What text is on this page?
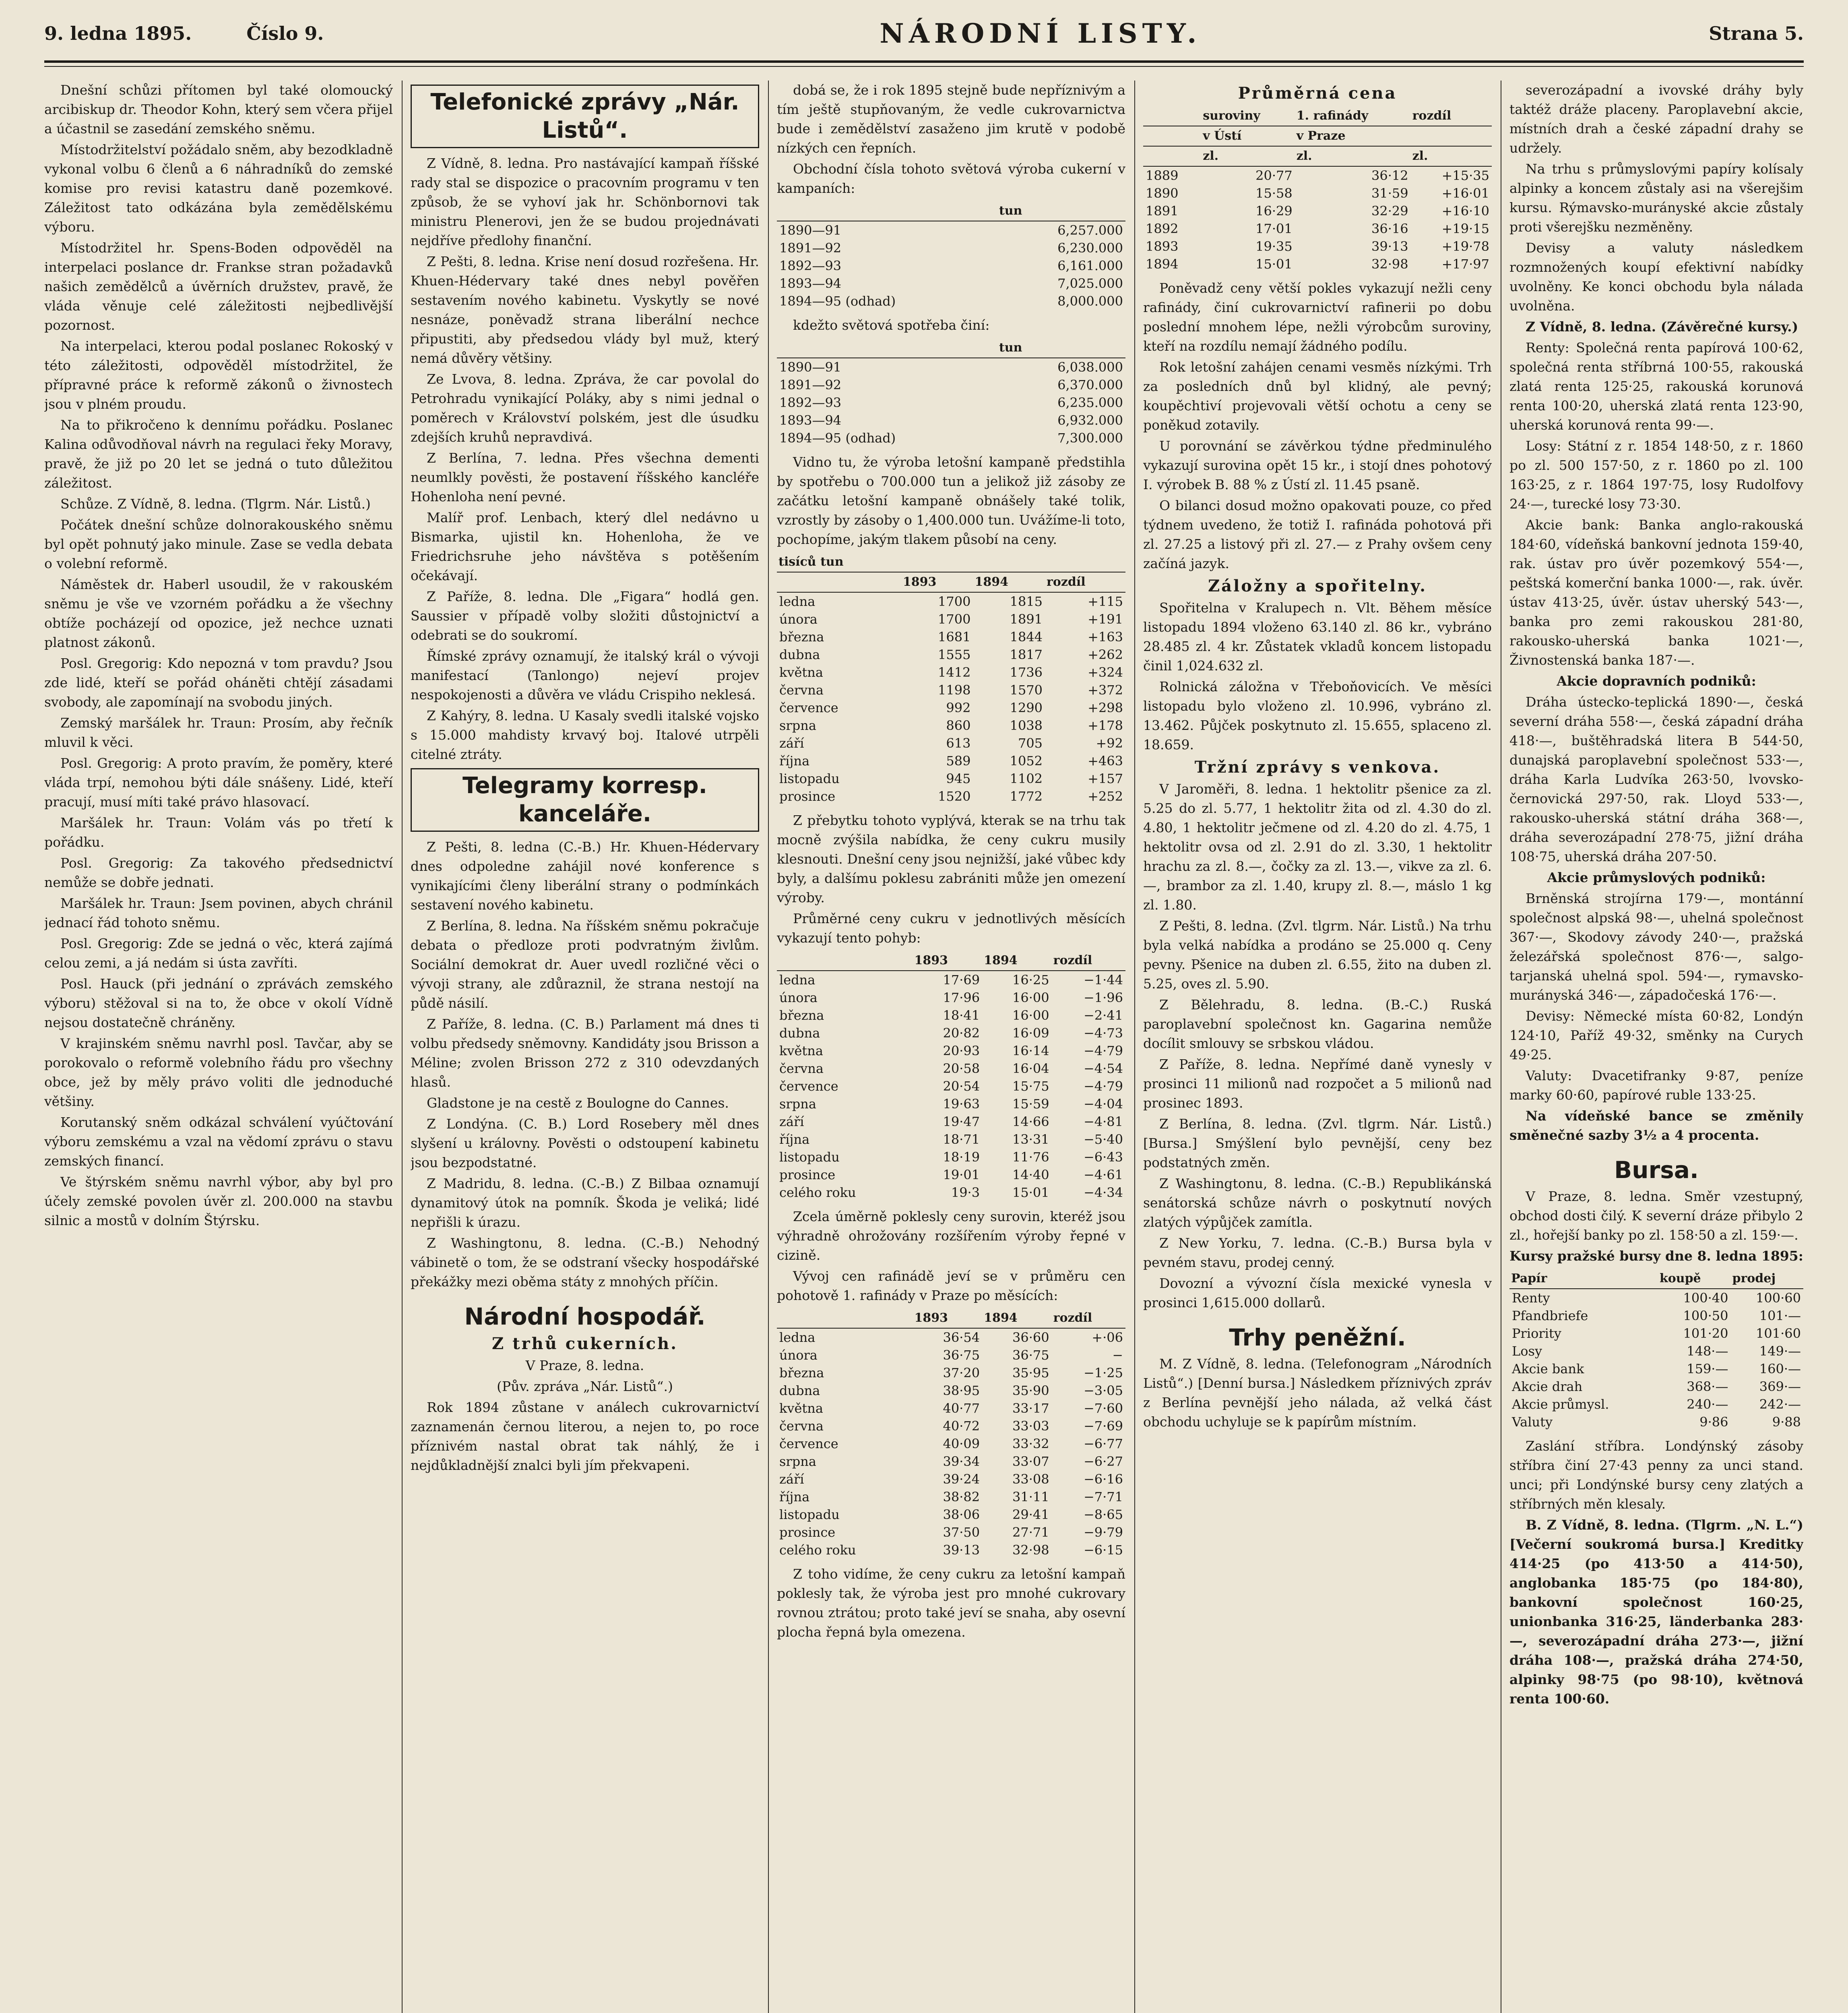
9. ledna 1895.	Číslo 9.	NÁRODNÍ LISTY.	Strana 5.

Dnešní schůzi přítomen byl také olomoucký arcibiskup dr. Theodor Kohn, který sem včera přijel a účastnil se zasedání zemského sněmu.

Místodržitelství požádalo sněm, aby bezodkladně vykonal volbu 6 členů a 6 náhradníků do zemské komise pro revisi katastru daně pozemkové. Záležitost tato odkázána byla zemědělskému výboru.

Místodržitel hr. Spens-Boden odpověděl na interpelaci poslance dr. Frankse stran požadavků našich zemědělců a úvěrních družstev, pravě, že vláda věnuje celé záležitosti nejbedlivější pozornost.

Na interpelaci, kterou podal poslanec Rokoský v této záležitosti, odpověděl místodržitel, že přípravné práce k reformě zákonů o živnostech jsou v plném proudu.

Na to přikročeno k dennímu pořádku. Poslanec Kalina odůvodňoval návrh na regulaci řeky Moravy, pravě, že již po 20 let se jedná o tuto důležitou záležitost.

Schůze. Z Vídně, 8. ledna. (Tlgrm. Nár. Listů.)

Počátek dnešní schůze dolnorakouského sněmu byl opět pohnutý jako minule. Zase se vedla debata o volební reformě.

Náměstek dr. Haberl usoudil, že v rakouském sněmu je vše ve vzorném pořádku a že všechny obtíže pocházejí od opozice, jež nechce uznati platnost zákonů.

Posl. Gregorig: Kdo nepozná v tom pravdu? Jsou zde lidé, kteří se pořád oháněti chtějí zásadami svobody, ale zapomínají na svobodu jiných.

Zemský maršálek hr. Traun: Prosím, aby řečník mluvil k věci.

Posl. Gregorig: A proto pravím, že poměry, které vláda trpí, nemohou býti dále snášeny. Lidé, kteří pracují, musí míti také právo hlasovací.

Maršálek hr. Traun: Volám vás po třetí k pořádku.

Posl. Gregorig: Za takového předsednictví nemůže se dobře jednati.

Maršálek hr. Traun: Jsem povinen, abych chránil jednací řád tohoto sněmu.

Posl. Gregorig: Zde se jedná o věc, která zajímá celou zemi, a já nedám si ústa zavříti.

Posl. Hauck (při jednání o zprávách zemského výboru) stěžoval si na to, že obce v okolí Vídně nejsou dostatečně chráněny.

V krajinském sněmu navrhl posl. Tavčar, aby se porokovalo o reformě volebního řádu pro všechny obce, jež by měly právo voliti dle jednoduché většiny.

Korutanský sněm odkázal schválení vyúčtování výboru zemskému a vzal na vědomí zprávu o stavu zemských financí.

Ve štýrském sněmu navrhl výbor, aby byl pro účely zemské povolen úvěr zl. 200.000 na stavbu silnic a mostů v dolním Štýrsku.

Telefonické zprávy „Nár. Listů“.

Z Vídně, 8. ledna. Pro nastávající kampaň říšské rady stal se dispozice o pracovním programu v ten způsob, že se vyhoví jak hr. Schönbornovi tak ministru Plenerovi, jen že se budou projednávati nejdříve předlohy finanční.

Z Pešti, 8. ledna. Krise není dosud rozřešena. Hr. Khuen-Hédervary také dnes nebyl pověřen sestavením nového kabinetu. Vyskytly se nové nesnáze, poněvadž strana liberální nechce připustiti, aby předsedou vlády byl muž, který nemá důvěry většiny.

Ze Lvova, 8. ledna. Zpráva, že car povolal do Petrohradu vynikající Poláky, aby s nimi jednal o poměrech v Království polském, jest dle úsudku zdejších kruhů nepravdivá.

Z Berlína, 7. ledna. Přes všechna dementi neumlkly pověsti, že postavení říšského kancléře Hohenloha není pevné.

Malíř prof. Lenbach, který dlel nedávno u Bismarka, ujistil kn. Hohenloha, že ve Friedrichsruhe jeho návštěva s potěšením očekávají.

Z Paříže, 8. ledna. Dle „Figara“ hodlá gen. Saussier v případě volby složiti důstojnictví a odebrati se do soukromí.

Římské zprávy oznamují, že italský král o vývoji manifestací (Tanlongo) nejeví projev nespokojenosti a důvěra ve vládu Crispiho neklesá.

Z Kahýry, 8. ledna. U Kasaly svedli italské vojsko s 15.000 mahdisty krvavý boj. Italové utrpěli citelné ztráty.

Telegramy korresp. kanceláře.

Z Pešti, 8. ledna (C.-B.) Hr. Khuen-Hédervary dnes odpoledne zahájil nové konference s vynikajícími členy liberální strany o podmínkách sestavení nového kabinetu.

Z Berlína, 8. ledna. Na říšském sněmu pokračuje debata o předloze proti podvratným živlům. Sociální demokrat dr. Auer uvedl rozličné věci o vývoji strany, ale zdůraznil, že strana nestojí na půdě násilí.

Z Paříže, 8. ledna. (C. B.) Parlament má dnes ti volbu předsedy sněmovny. Kandidáty jsou Brisson a Méline; zvolen Brisson 272 z 310 odevzdaných hlasů.

Gladstone je na cestě z Boulogne do Cannes.

Z Londýna. (C. B.) Lord Rosebery měl dnes slyšení u královny. Pověsti o odstoupení kabinetu jsou bezpodstatné.

Z Madridu, 8. ledna. (C.-B.) Z Bilbaa oznamují dynamitový útok na pomník. Škoda je veliká; lidé nepřišli k úrazu.

Z Washingtonu, 8. ledna. (C.-B.) Nehodný vábinetě o tom, že se odstraní všecky hospodářské překážky mezi oběma státy z mnohých příčin.

Národní hospodář.
Z trhů cukerních.

V Praze, 8. ledna.

(Pův. zpráva „Nár. Listů“.)

Rok 1894 zůstane v análech cukrovarnictví zaznamenán černou literou, a nejen to, po roce příznivém nastal obrat tak náhlý, že i nejdůkladnější znalci byli jím překvapeni.

dobá se, že i rok 1895 stejně bude nepříznivým a tím ještě stupňovaným, že vedle cukrovarnictva bude i zemědělství zasaženo jim krutě v podobě nízkých cen řepních.

Obchodní čísla tohoto světová výroba cukerní v kampaních:

	tun
1890—91	6,257.000
1891—92	6,230.000
1892—93	6,161.000
1893—94	7,025.000
1894—95 (odhad)	8,000.000

kdežto světová spotřeba činí:

	tun
1890—91	6,038.000
1891—92	6,370.000
1892—93	6,235.000
1893—94	6,932.000
1894—95 (odhad)	7,300.000

Vidno tu, že výroba letošní kampaně předstihla by spotřebu o 700.000 tun a jelikož již zásoby ze začátku letošní kampaně obnášely také tolik, vzrostly by zásoby o 1,400.000 tun. Uvážíme-li toto, pochopíme, jakým tlakem působí na ceny.

tisíců tun			
	1893	1894	rozdíl
ledna	1700	1815	+115
února	1700	1891	+191
března	1681	1844	+163
dubna	1555	1817	+262
května	1412	1736	+324
června	1198	1570	+372
července	992	1290	+298
srpna	860	1038	+178
září	613	705	+92
října	589	1052	+463
listopadu	945	1102	+157
prosince	1520	1772	+252

Z přebytku tohoto vyplývá, kterak se na trhu tak mocně zvýšila nabídka, že ceny cukru musily klesnouti. Dnešní ceny jsou nejnižší, jaké vůbec kdy byly, a dalšímu poklesu zabrániti může jen omezení výroby.

Průměrné ceny cukru v jednotlivých měsících vykazují tento pohyb:

	1893	1894	rozdíl
ledna	17·69	16·25	−1·44
února	17·96	16·00	−1·96
března	18·41	16·00	−2·41
dubna	20·82	16·09	−4·73
května	20·93	16·14	−4·79
června	20·58	16·04	−4·54
července	20·54	15·75	−4·79
srpna	19·63	15·59	−4·04
září	19·47	14·66	−4·81
října	18·71	13·31	−5·40
listopadu	18·19	11·76	−6·43
prosince	19·01	14·40	−4·61
celého roku	19·3	15·01	−4·34

Zcela úměrně poklesly ceny surovin, kteréž jsou výhradně ohrožovány rozšířením výroby řepné v cizině.

Vývoj cen rafinádě jeví se v průměru cen pohotově 1. rafinády v Praze po měsících:

	1893	1894	rozdíl
ledna	36·54	36·60	+·06
února	36·75	36·75	−
března	37·20	35·95	−1·25
dubna	38·95	35·90	−3·05
května	40·77	33·17	−7·60
června	40·72	33·03	−7·69
července	40·09	33·32	−6·77
srpna	39·34	33·07	−6·27
září	39·24	33·08	−6·16
října	38·82	31·11	−7·71
listopadu	38·06	29·41	−8·65
prosince	37·50	27·71	−9·79
celého roku	39·13	32·98	−6·15

Z toho vidíme, že ceny cukru za letošní kampaň poklesly tak, že výroba jest pro mnohé cukrovary rovnou ztrátou; proto také jeví se snaha, aby osevní plocha řepná byla omezena.

Průměrná cena
	suroviny	1. rafinády	rozdíl
	v Ústí	v Praze	
	zl.	zl.	zl.
1889	20·77	36·12	+15·35
1890	15·58	31·59	+16·01
1891	16·29	32·29	+16·10
1892	17·01	36·16	+19·15
1893	19·35	39·13	+19·78
1894	15·01	32·98	+17·97

Poněvadž ceny větší pokles vykazují nežli ceny rafinády, činí cukrovarnictví rafinerii po dobu poslední mnohem lépe, nežli výrobcům suroviny, kteří na rozdílu nemají žádného podílu.

Rok letošní zahájen cenami vesměs nízkými. Trh za posledních dnů byl klidný, ale pevný; koupěchtiví projevovali větší ochotu a ceny se poněkud zotavily.

U porovnání se závěrkou týdne předminulého vykazují surovina opět 15 kr., i stojí dnes pohotový I. výrobek B. 88 % z Ústí zl. 11.45 psaně.

O bilanci dosud možno opakovati pouze, co před týdnem uvedeno, že totiž I. rafináda pohotová při zl. 27.25 a listový při zl. 27.— z Prahy ovšem ceny začíná jazyk.

Záložny a spořitelny.

Spořitelna v Kralupech n. Vlt. Během měsíce listopadu 1894 vloženo 63.140 zl. 86 kr., vybráno 28.485 zl. 4 kr. Zůstatek vkladů koncem listopadu činil 1,024.632 zl.

Rolnická záložna v Třeboňovicích. Ve měsíci listopadu bylo vloženo zl. 10.996, vybráno zl. 13.462. Půjček poskytnuto zl. 15.655, splaceno zl. 18.659.

Tržní zprávy s venkova.

V Jaroměři, 8. ledna. 1 hektolitr pšenice za zl. 5.25 do zl. 5.77, 1 hektolitr žita od zl. 4.30 do zl. 4.80, 1 hektolitr ječmene od zl. 4.20 do zl. 4.75, 1 hektolitr ovsa od zl. 2.91 do zl. 3.30, 1 hektolitr hrachu za zl. 8.—, čočky za zl. 13.—, vikve za zl. 6.—, brambor za zl. 1.40, krupy zl. 8.—, máslo 1 kg zl. 1.80.

Z Pešti, 8. ledna. (Zvl. tlgrm. Nár. Listů.) Na trhu byla velká nabídka a prodáno se 25.000 q. Ceny pevny. Pšenice na duben zl. 6.55, žito na duben zl. 5.25, oves zl. 5.90.

Z Bělehradu, 8. ledna. (B.-C.) Ruská paroplavební společnost kn. Gagarina nemůže docílit smlouvy se srbskou vládou.

Z Paříže, 8. ledna. Nepřímé daně vynesly v prosinci 11 milionů nad rozpočet a 5 milionů nad prosinec 1893.

Z Berlína, 8. ledna. (Zvl. tlgrm. Nár. Listů.) [Bursa.] Smýšlení bylo pevnější, ceny bez podstatných změn.

Z Washingtonu, 8. ledna. (C.-B.) Republikánská senátorská schůze návrh o poskytnutí nových zlatých výpůjček zamítla.

Z New Yorku, 7. ledna. (C.-B.) Bursa byla v pevném stavu, prodej cenný.

Dovozní a vývozní čísla mexické vynesla v prosinci 1,615.000 dollarů.

Trhy peněžní.

M. Z Vídně, 8. ledna. (Telefonogram „Národních Listů“.) [Denní bursa.] Následkem příznivých zpráv z Berlína pevnější jeho nálada, až velká část obchodu uchyluje se k papírům místním.

severozápadní a ivovské dráhy byly taktéž dráže placeny. Paroplavební akcie, místních drah a české západní drahy se udržely.

Na trhu s průmyslovými papíry kolísaly alpinky a koncem zůstaly asi na všerejšim kursu. Rýmavsko-murányské akcie zůstaly proti všerejšku nezměněny.

Devisy a valuty následkem rozmnožených koupí efektivní nabídky uvolněny. Ke konci obchodu byla nálada uvolněna.

Z Vídně, 8. ledna. (Závěrečné kursy.)

Renty: Společná renta papírová 100·62, společná renta stříbrná 100·55, rakouská zlatá renta 125·25, rakouská korunová renta 100·20, uherská zlatá renta 123·90, uherská korunová renta 99·—.

Losy: Státní z r. 1854 148·50, z r. 1860 po zl. 500 157·50, z r. 1860 po zl. 100 163·25, z r. 1864 197·75, losy Rudolfovy 24·—, turecké losy 73·30.

Akcie bank: Banka anglo-rakouská 184·60, vídeňská bankovní jednota 159·40, rak. ústav pro úvěr pozemkový 554·—, peštská komerční banka 1000·—, rak. úvěr. ústav 413·25, úvěr. ústav uherský 543·—, banka pro zemi rakouskou 281·80, rakousko-uherská banka 1021·—, Živnostenská banka 187·—.

Akcie dopravních podniků:

Dráha ústecko-teplická 1890·—, česká severní dráha 558·—, česká západní dráha 418·—, buštěhradská litera B 544·50, dunajská paroplavební společnost 533·—, dráha Karla Ludvíka 263·50, lvovsko-černovická 297·50, rak. Lloyd 533·—, rakousko-uherská státní dráha 368·—, dráha severozápadní 278·75, jižní dráha 108·75, uherská dráha 207·50.

Akcie průmyslových podniků:

Brněnská strojírna 179·—, montánní společnost alpská 98·—, uhelná společnost 367·—, Skodovy závody 240·—, pražská železářská společnost 876·—, salgo-tarjanská uhelná spol. 594·—, rymavsko-murányská 346·—, západočeská 176·—.

Devisy: Německé místa 60·82, Londýn 124·10, Paříž 49·32, směnky na Curych 49·25.

Valuty: Dvacetifranky 9·87, peníze marky 60·60, papírové ruble 133·25.

Na vídeňské bance se změnily směnečné sazby 3½ a 4 procenta.

Bursa.

V Praze, 8. ledna. Směr vzestupný, obchod dosti čilý. K severní dráze přibylo 2 zl., hořejší banky po zl. 158·50 a zl. 159·—.

Kursy pražské bursy dne 8. ledna 1895:

Papír	koupě	prodej
Renty	100·40	100·60
Pfandbriefe	100·50	101·—
Priority	101·20	101·60
Losy	148·—	149·—
Akcie bank	159·—	160·—
Akcie drah	368·—	369·—
Akcie průmysl.	240·—	242·—
Valuty	9·86	9·88

Zaslání stříbra. Londýnský zásoby stříbra činí 27·43 penny za unci stand. unci; při Londýnské bursy ceny zlatých a stříbrných měn klesaly.

B. Z Vídně, 8. ledna. (Tlgrm. „N. L.“) [Večerní soukromá bursa.] Kreditky 414·25 (po 413·50 a 414·50), anglobanka 185·75 (po 184·80), bankovní společnost 160·25, unionbanka 316·25, länderbanka 283·—, severozápadní dráha 273·—, jižní dráha 108·—, pražská dráha 274·50, alpinky 98·75 (po 98·10), květnová renta 100·60.
